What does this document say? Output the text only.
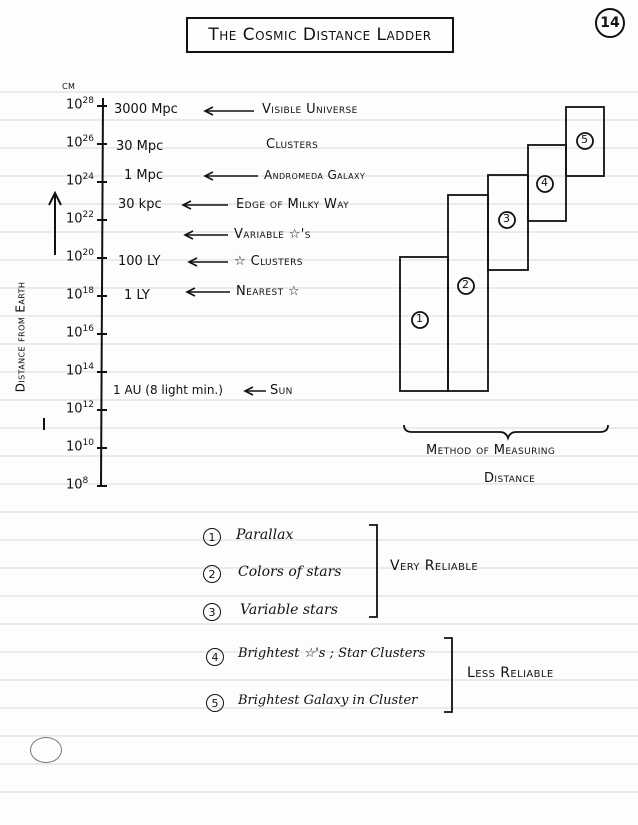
The Cosmic Distance Ladder
14
cm
$10^{28}$
$10^{26}$
$10^{24}$
$10^{22}$
$10^{20}$
$10^{18}$
$10^{16}$
$10^{14}$
$10^{12}$
$10^{10}$
$10^8$
Distance from Earth
3000 Mpc
30 Mpc
1 Mpc
30 kpc
100 LY
1 LY
1 AU (8 light min.)
Visible Universe
Clusters
Andromeda Galaxy
Edge of Milky Way
Variable ☆'s
☆ Clusters
Nearest ☆
Sun
1
2
3
4
5
Method of Measuring
Distance
1	Parallax
2	Colors of stars
3	Variable stars
4	Brightest ☆'s ; Star Clusters
5	Brightest Galaxy in Cluster
Very Reliable
Less Reliable
